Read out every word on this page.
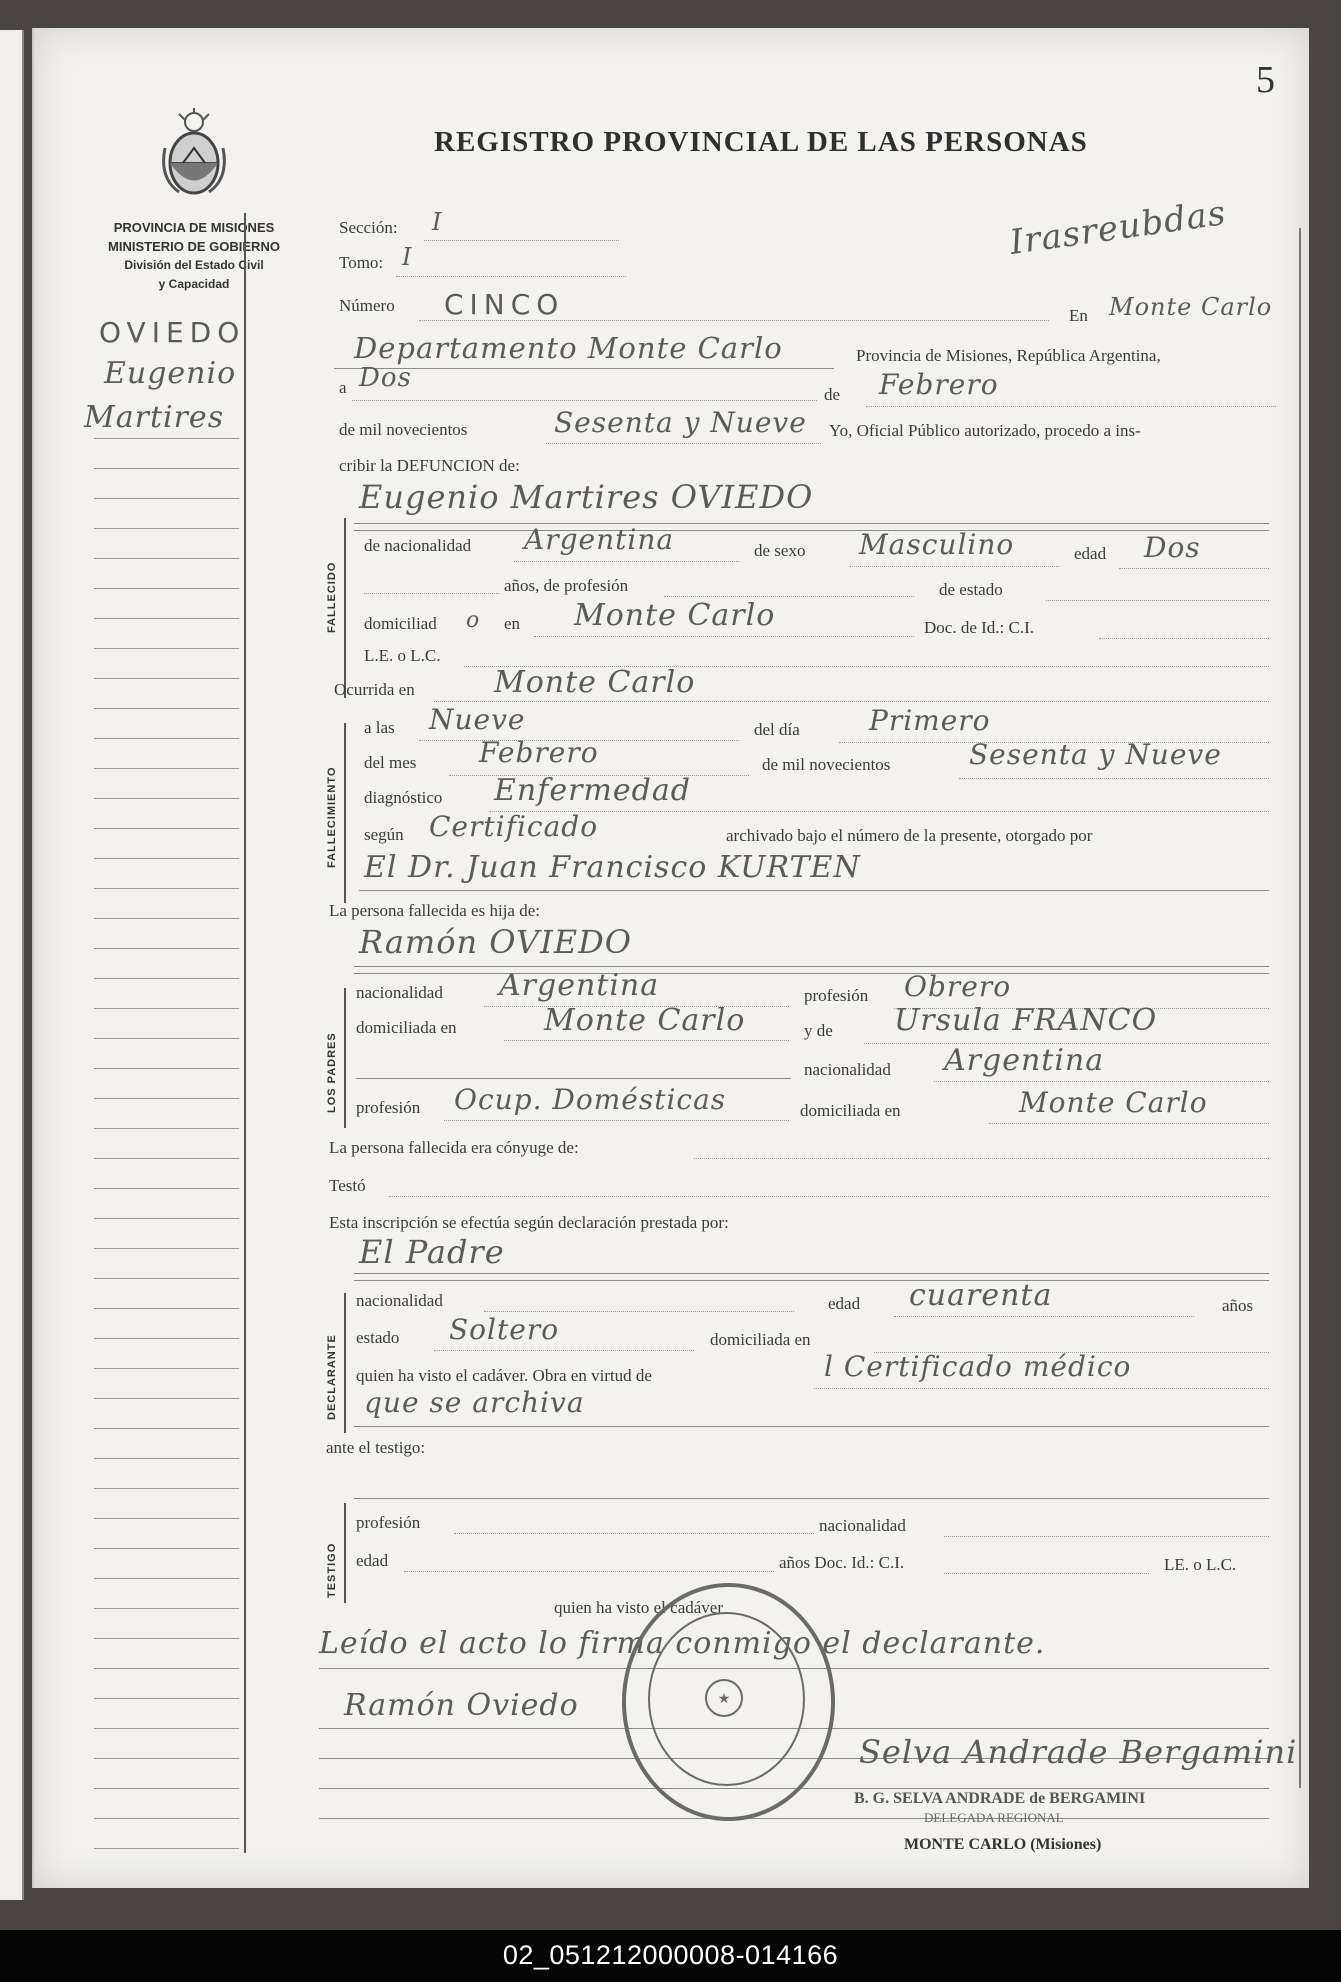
5
REGISTRO PROVINCIAL DE LAS PERSONAS
PROVINCIA DE MISIONES
MINISTERIO DE GOBIERNO
División del Estado Civil
y Capacidad
Irasreubdas
OVIEDO
Eugenio
Martires
Sección: I
Tomo: I
Número CINCO	En Monte Carlo
Departamento Monte Carlo	Provincia de Misiones, República Argentina,
a Dos
de Febrero
de mil novecientos	Sesenta y Nueve Yo, Oficial Público autorizado, procedo a ins-
cribir la DEFUNCION de:
FALLECIDO
Eugenio Martires OVIEDO
de nacionalidad Argentina	de sexo Masculino	edad Dos
años, de profesión	de estado
domiciliad o en Monte Carlo	Doc. de Id.: C.I.
L.E. o L.C.
Ocurrida en	Monte Carlo
FALLECIMIENTO
a las Nueve	del día Primero
del mes Febrero	de mil novecientos	Sesenta y Nueve
diagnóstico Enfermedad
según Certificado	archivado bajo el número de la presente, otorgado por
El Dr. Juan Francisco KURTEN
La persona fallecida es hija de:
Ramón OVIEDO
LOS PADRES
nacionalidad Argentina	profesión Obrero
domiciliada en	Monte Carlo	y de Ursula FRANCO
nacionalidad Argentina
profesión Ocup. Domésticas	domiciliada en	Monte Carlo
La persona fallecida era cónyuge de:
Testó
Esta inscripción se efectúa según declaración prestada por:
El Padre
DECLARANTE
nacionalidad	edad cuarenta	años
estado Soltero	domiciliada en
quien ha visto el cadáver. Obra en virtud de	l Certificado médico
que se archiva
ante el testigo:
TESTIGO
profesión	nacionalidad
edad	años Doc. Id.: C.I.	LE. o L.C.
quien ha visto el cadáver
Leído el acto lo firma conmigo el declarante.
Ramón Oviedo	★
Selva Andrade Bergamini
B. G. SELVA ANDRADE de BERGAMINI
DELEGADA REGIONAL
MONTE CARLO (Misiones)
02_051212000008-014166
